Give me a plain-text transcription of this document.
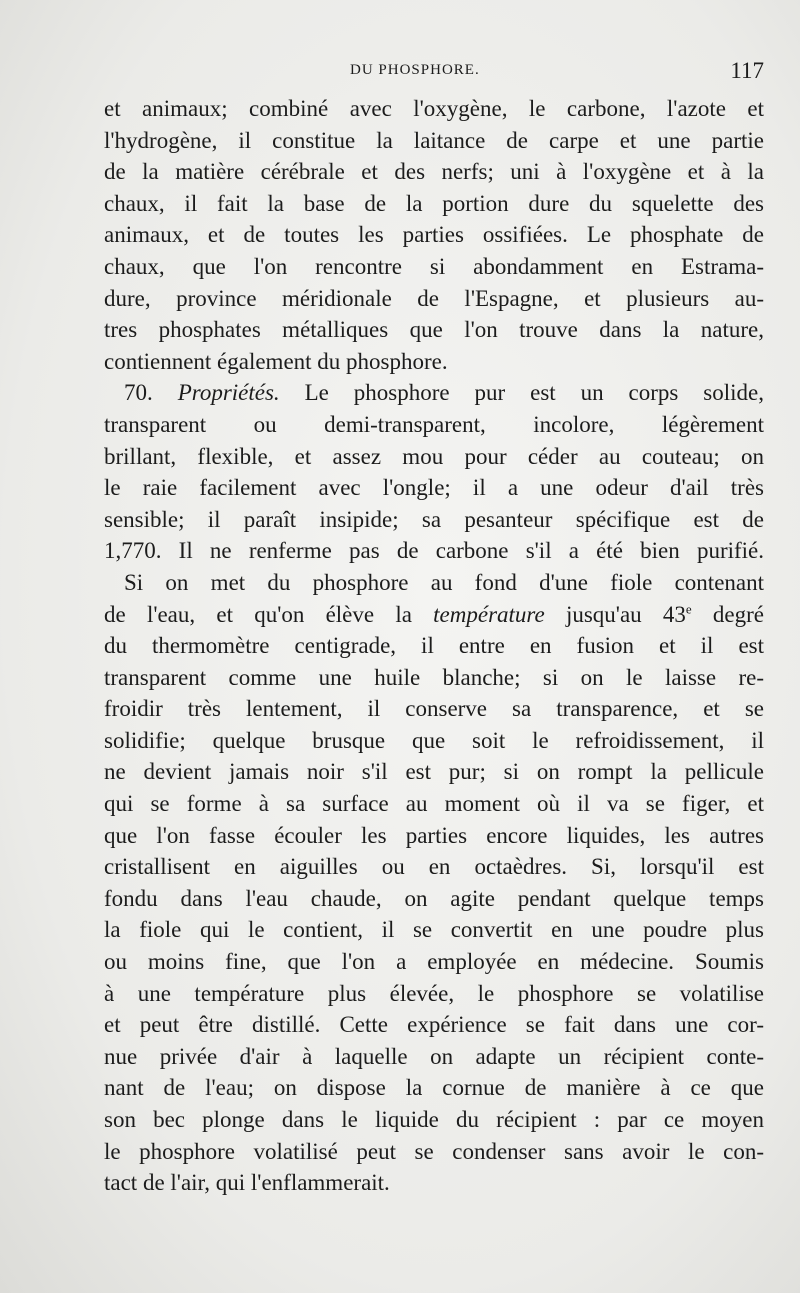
DU PHOSPHORE.	117
et animaux; combiné avec l'oxygène, le carbone, l'azote et
l'hydrogène, il constitue la laitance de carpe et une partie
de la matière cérébrale et des nerfs; uni à l'oxygène et à la
chaux, il fait la base de la portion dure du squelette des
animaux, et de toutes les parties ossifiées. Le phosphate de
chaux, que l'on rencontre si abondamment en Estrama-
dure, province méridionale de l'Espagne, et plusieurs au-
tres phosphates métalliques que l'on trouve dans la nature,
contiennent également du phosphore.
70. Propriétés. Le phosphore pur est un corps solide,
transparent ou demi-transparent, incolore, légèrement
brillant, flexible, et assez mou pour céder au couteau; on
le raie facilement avec l'ongle; il a une odeur d'ail très
sensible; il paraît insipide; sa pesanteur spécifique est de
1,770. Il ne renferme pas de carbone s'il a été bien purifié.
Si on met du phosphore au fond d'une fiole contenant
de l'eau, et qu'on élève la température jusqu'au 43e degré
du thermomètre centigrade, il entre en fusion et il est
transparent comme une huile blanche; si on le laisse re-
froidir très lentement, il conserve sa transparence, et se
solidifie; quelque brusque que soit le refroidissement, il
ne devient jamais noir s'il est pur; si on rompt la pellicule
qui se forme à sa surface au moment où il va se figer, et
que l'on fasse écouler les parties encore liquides, les autres
cristallisent en aiguilles ou en octaèdres. Si, lorsqu'il est
fondu dans l'eau chaude, on agite pendant quelque temps
la fiole qui le contient, il se convertit en une poudre plus
ou moins fine, que l'on a employée en médecine. Soumis
à une température plus élevée, le phosphore se volatilise
et peut être distillé. Cette expérience se fait dans une cor-
nue privée d'air à laquelle on adapte un récipient conte-
nant de l'eau; on dispose la cornue de manière à ce que
son bec plonge dans le liquide du récipient : par ce moyen
le phosphore volatilisé peut se condenser sans avoir le con-
tact de l'air, qui l'enflammerait.
